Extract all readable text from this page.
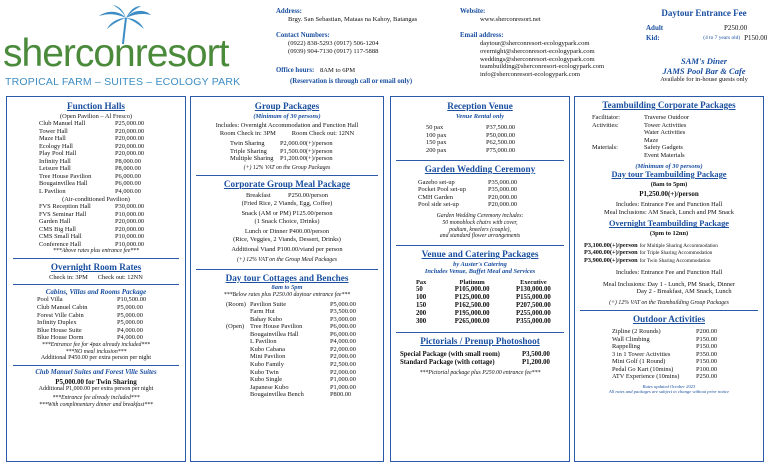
sherconresort
TROPICAL FARM – SUITES – ECOLOGY PARK
Address:
Brgy. San Sebastian, Mataas na Kahoy, Batangas
Contact Numbers:
(0922) 838-5293 (0917) 506-1204
(0939) 904-7130 (0917) 117-5888
Office hours: 8AM to 6PM
(Reservation is through call or email only)
Website:
www.sherconresort.net
Email address:
daytour@sherconresort-ecologypark.com
overnight@sherconresort-ecologypark.com
weddings@sherconresort-ecologypark.com
teambuilding@sherconresort-ecologypark.com
info@sherconresort-ecologypark.com
Daytour Entrance Fee
Adult	P250.00
Kid :	(4 to 7 years old) P150.00
SAM's Diner
JAMS Pool Bar & Cafe
Available for in-house guests only
Function Halls
(Open Pavilion – Al Fresco)
Club Manuel Hall	P25,000.00
Tower Hall	P20,000.00
Maze Hall	P20,000.00
Ecology Hall	P20,000.00
Play Pool Hall	P20,000.00
Infinity Hall	P8,000.00
Leisure Hall	P8,000.00
Tree House Pavilion	P6,000.00
Bougainvillea Hall	P6,000.00
L Pavilion	P4,000.00
(Air-conditioned Pavilion)
FVS Reception Hall	P30,000.00
FVS Seminar Hall	P10,000.00
Garden Hall	P20,000.00
CMS Big Hall	P20,000.00
CMS Small Hall	P10,000.00
Conference Hall	P10,000.00
***Above rates plus entrance fee***
Overnight Room Rates
Check in: 3PM Check out: 12NN
Cabins, Villas and Rooms Package
Pool Villa	P10,500.00
Club Manuel Cabin	P5,000.00
Forest Ville Cabin	P5,000.00
Infinity Duplex	P5,000.00
Blue House Suite	P4,000.00
Blue House Dorm	P4,000.00
***Entrance fee for 4pax already included***
***NO meal inclusion***
Additional P450.00 per extra person per night
Club Manuel Suites and Forest Ville Suites
P5,000.00 for Twin Sharing
Additional P1,000.00 per extra person per night
***Entrance fee already included***
***With complimentary dinner and breakfast***
Group Packages
(Minimum of 30 persons)
Includes: Overnight Accommodation and Function Hall
Room Check in: 3PM          Room Check out: 12NN
Twin Sharing	P2,000.00(+)/person
Triple Sharing	P1,500.00(+)/person
Multiple Sharing	P1,200.00(+)/person
(+) 12% VAT on the Group Packages
Corporate Group Meal Package
Breakfast           P250.00/person
(Fried Rice, 2 Viands, Egg, Coffee)
Snack (AM or PM) P125.00/person
(1 Snack Choice, Drinks)
Lunch or Dinner P400.00/person
(Rice, Veggies, 2 Viands, Dessert, Drinks)
Additional Viand P100.00/viand per person
(+) 12% VAT on the Group Meal Packages
Day tour Cottages and Benches
8am to 5pm
***Below rates plus P250.00 daytour entrance fee***
(Room)	Pavilion Suite	P5,000.00
	Farm Hut	P3,500.00
	Bahay Kubo	P3,000.00
(Open)	Tree House Pavilion	P6,000.00
	Bougainvillea Hall	P6,000.00
	L Pavilion	P4,000.00
	Kubo Cabana	P2,000.00
	Mini Pavilion	P2,000.00
	Kubo Family	P2,500.00
	Kubo Twin	P2,000.00
	Kubo Single	P1,000.00
	Japanese Kubo	P1,000.00
	Bougainvillea Bench	P800.00
Reception Venue
Venue Rental only
50 pax	P37,500.00
100 pax	P50,000.00
150 pax	P62,500.00
200 pax	P75,000.00
Garden Wedding Ceremony
Gazebo set-up	P35,000.00
Pocket Pool set-up	P35,000.00
CMH Garden	P20,000.00
Pool side set-up	P20,000.00
Garden Wedding Ceremony includes:
50 monoblock chairs with cover,
podium, kneelers (couple),
and standard flower arrangements
Venue and Catering Packages
by Auster's Catering
Includes Venue, Buffet Meal and Services
Pax	Platinum	Executive
50	P105,000.00	P130,000.00
100	P125,000.00	P155,000.00
150	P162,500.00	P207,500.00
200	P195,000.00	P255,000.00
300	P265,000.00	P355,000.00
Pictorials / Prenup Photoshoot
Special Package (with small room)	P3,500.00
Standard Package (with cottage)	P1,200.00
***Pictorial package plus P250.00 entrance fee***
Teambuilding Corporate Packages
Facilitator:	Traverse Outdoor
Activities:	Tower Activities
	Water Activities
	Maze
Materials:	Safety Gadgets
	Event Materials
(Minimum of 30 persons)
Day tour Teambuilding Package
(8am to 5pm)
P1,250.00(+)/person
Includes: Entrance Fee and Function Hall
Meal Inclusions: AM Snack, Lunch and PM Snack
Overnight Teambuilding Package
(3pm to 12nn)
P3,100.00(+)/person for Multiple Sharing Accommodation
P3,400.00(+)/person for Triple Sharing Accommodation
P3,900.00(+)/person for Twin Sharing Accommodation
Includes: Entrance Fee and Function Hall
Meal Inclusions: Day 1 - Lunch, PM Snack, Dinner
Day 2 - Breakfast, AM Snack, Lunch
(+) 12% VAT on the Teambuilding Group Packages
Outdoor Activities
Zipline (2 Rounds)	P200.00
Wall Climbing	P150.00
Rappelling	P150.00
3 in 1 Tower Activities	P350.00
Mini Golf (1 Round)	P150.00
Pedal Go Kart (10mins)	P100.00
ATV Experience (10mins)	P250.00
Rates updated October 2023
All rates and packages are subject to change without prior notice
